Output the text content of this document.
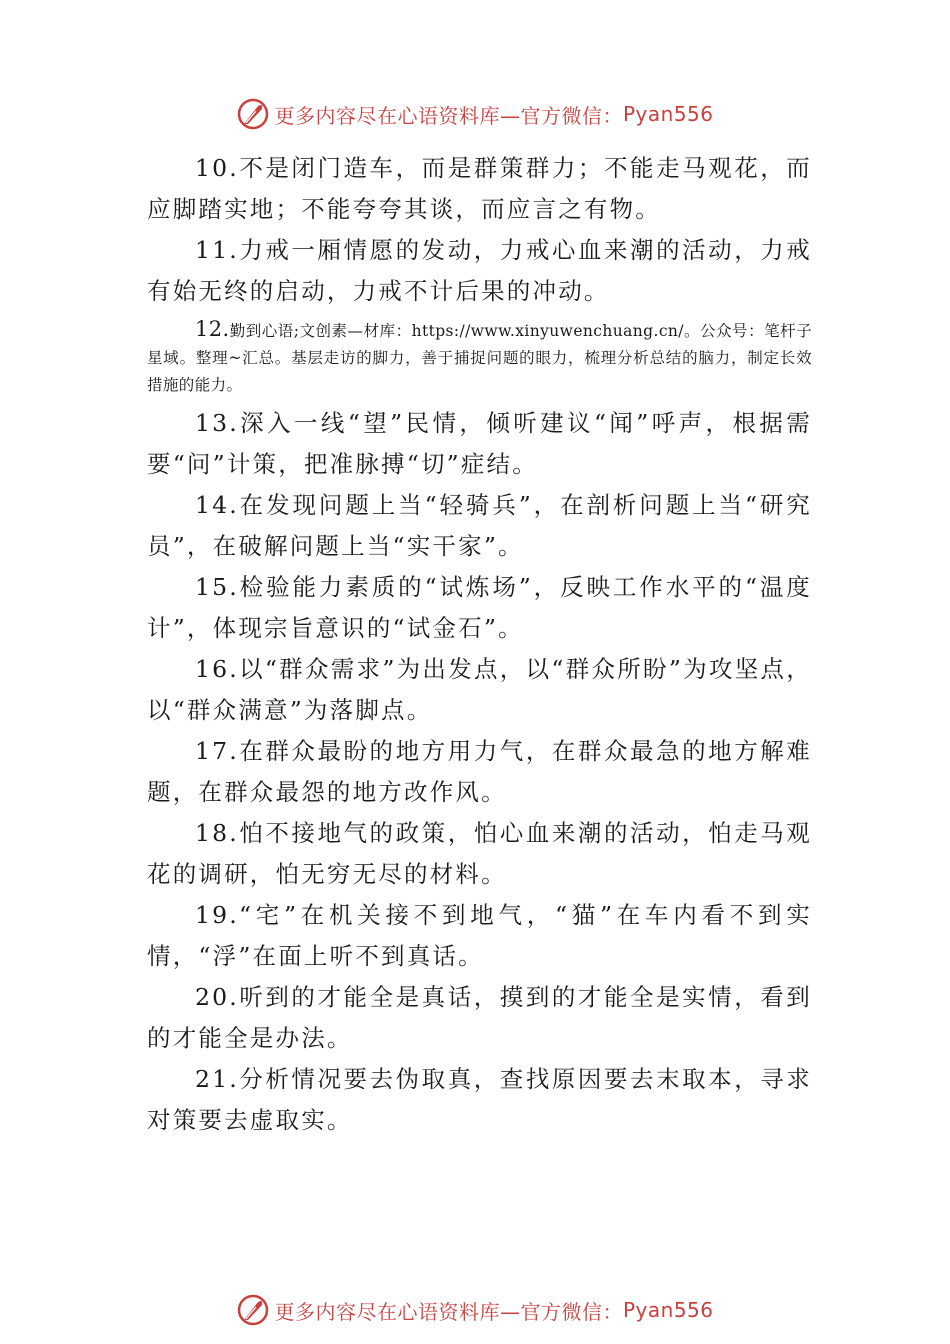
更多内容尽在心语资料库—官方微信： Pyan556

10.不是闭门造车，而是群策群力；不能走马观花，而应脚踏实地；不能夸夸其谈，而应言之有物。

11.力戒一厢情愿的发动，力戒心血来潮的活动，力戒有始无终的启动，力戒不计后果的冲动。

12.勤到心语;文创素—材库：https://www.xinyuwenchuang.cn/。公众号：笔杆子星域。整理~汇总。基层走访的脚力，善于捕捉问题的眼力，梳理分析总结的脑力，制定长效措施的能力。

13.深入一线“望”民情，倾听建议“闻”呼声，根据需要“问”计策，把准脉搏“切”症结。

14.在发现问题上当“轻骑兵”，在剖析问题上当“研究员”，在破解问题上当“实干家”。

15.检验能力素质的“试炼场”，反映工作水平的“温度计”，体现宗旨意识的“试金石”。

16.以“群众需求”为出发点，以“群众所盼”为攻坚点，以“群众满意”为落脚点。

17.在群众最盼的地方用力气，在群众最急的地方解难题，在群众最怨的地方改作风。

18.怕不接地气的政策，怕心血来潮的活动，怕走马观花的调研，怕无穷无尽的材料。

19.“宅”在机关接不到地气，“猫”在车内看不到实情，“浮”在面上听不到真话。

20.听到的才能全是真话，摸到的才能全是实情，看到的才能全是办法。

21.分析情况要去伪取真，查找原因要去末取本，寻求对策要去虚取实。

更多内容尽在心语资料库—官方微信： Pyan556
